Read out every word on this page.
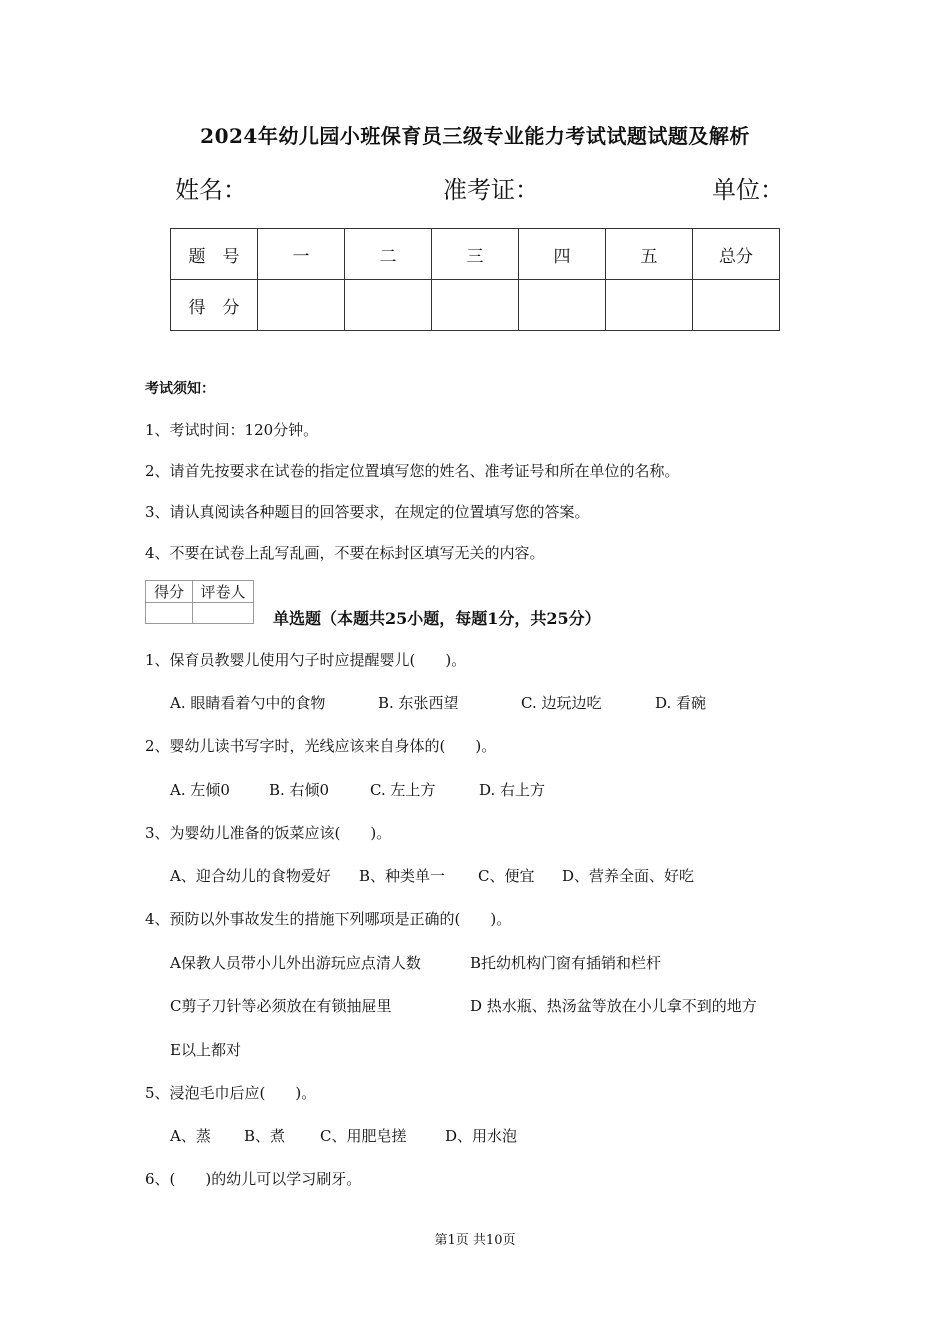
2024年幼儿园小班保育员三级专业能力考试试题试题及解析
姓名：	准考证：	单位：
题　号	一	二	三	四	五	总分
得　分						
考试须知：
1、考试时间：120分钟。
2、请首先按要求在试卷的指定位置填写您的姓名、准考证号和所在单位的名称。
3、请认真阅读各种题目的回答要求，在规定的位置填写您的答案。
4、不要在试卷上乱写乱画，不要在标封区填写无关的内容。
得分	评卷人

单选题（本题共25小题，每题1分，共25分）
1、保育员教婴儿使用勺子时应提醒婴儿(　　)。
A. 眼睛看着勺中的食物	B. 东张西望	C. 边玩边吃	D. 看碗
2、婴幼儿读书写字时，光线应该来自身体的(　　)。
A. 左倾0	B. 右倾0	C. 左上方	D. 右上方
3、为婴幼儿准备的饭菜应该(　　)。
A、迎合幼儿的食物爱好 B、种类单一 C、便宜 D、营养全面、好吃
4、预防以外事故发生的措施下列哪项是正确的(　　)。
A保教人员带小儿外出游玩应点清人数	B托幼机构门窗有插销和栏杆
C剪子刀针等必须放在有锁抽屉里	D 热水瓶、热汤盆等放在小儿拿不到的地方
E以上都对
5、浸泡毛巾后应(　　)。
A、蒸 B、煮 C、用肥皂搓	D、用水泡
6、(　　)的幼儿可以学习刷牙。
第1页 共10页
